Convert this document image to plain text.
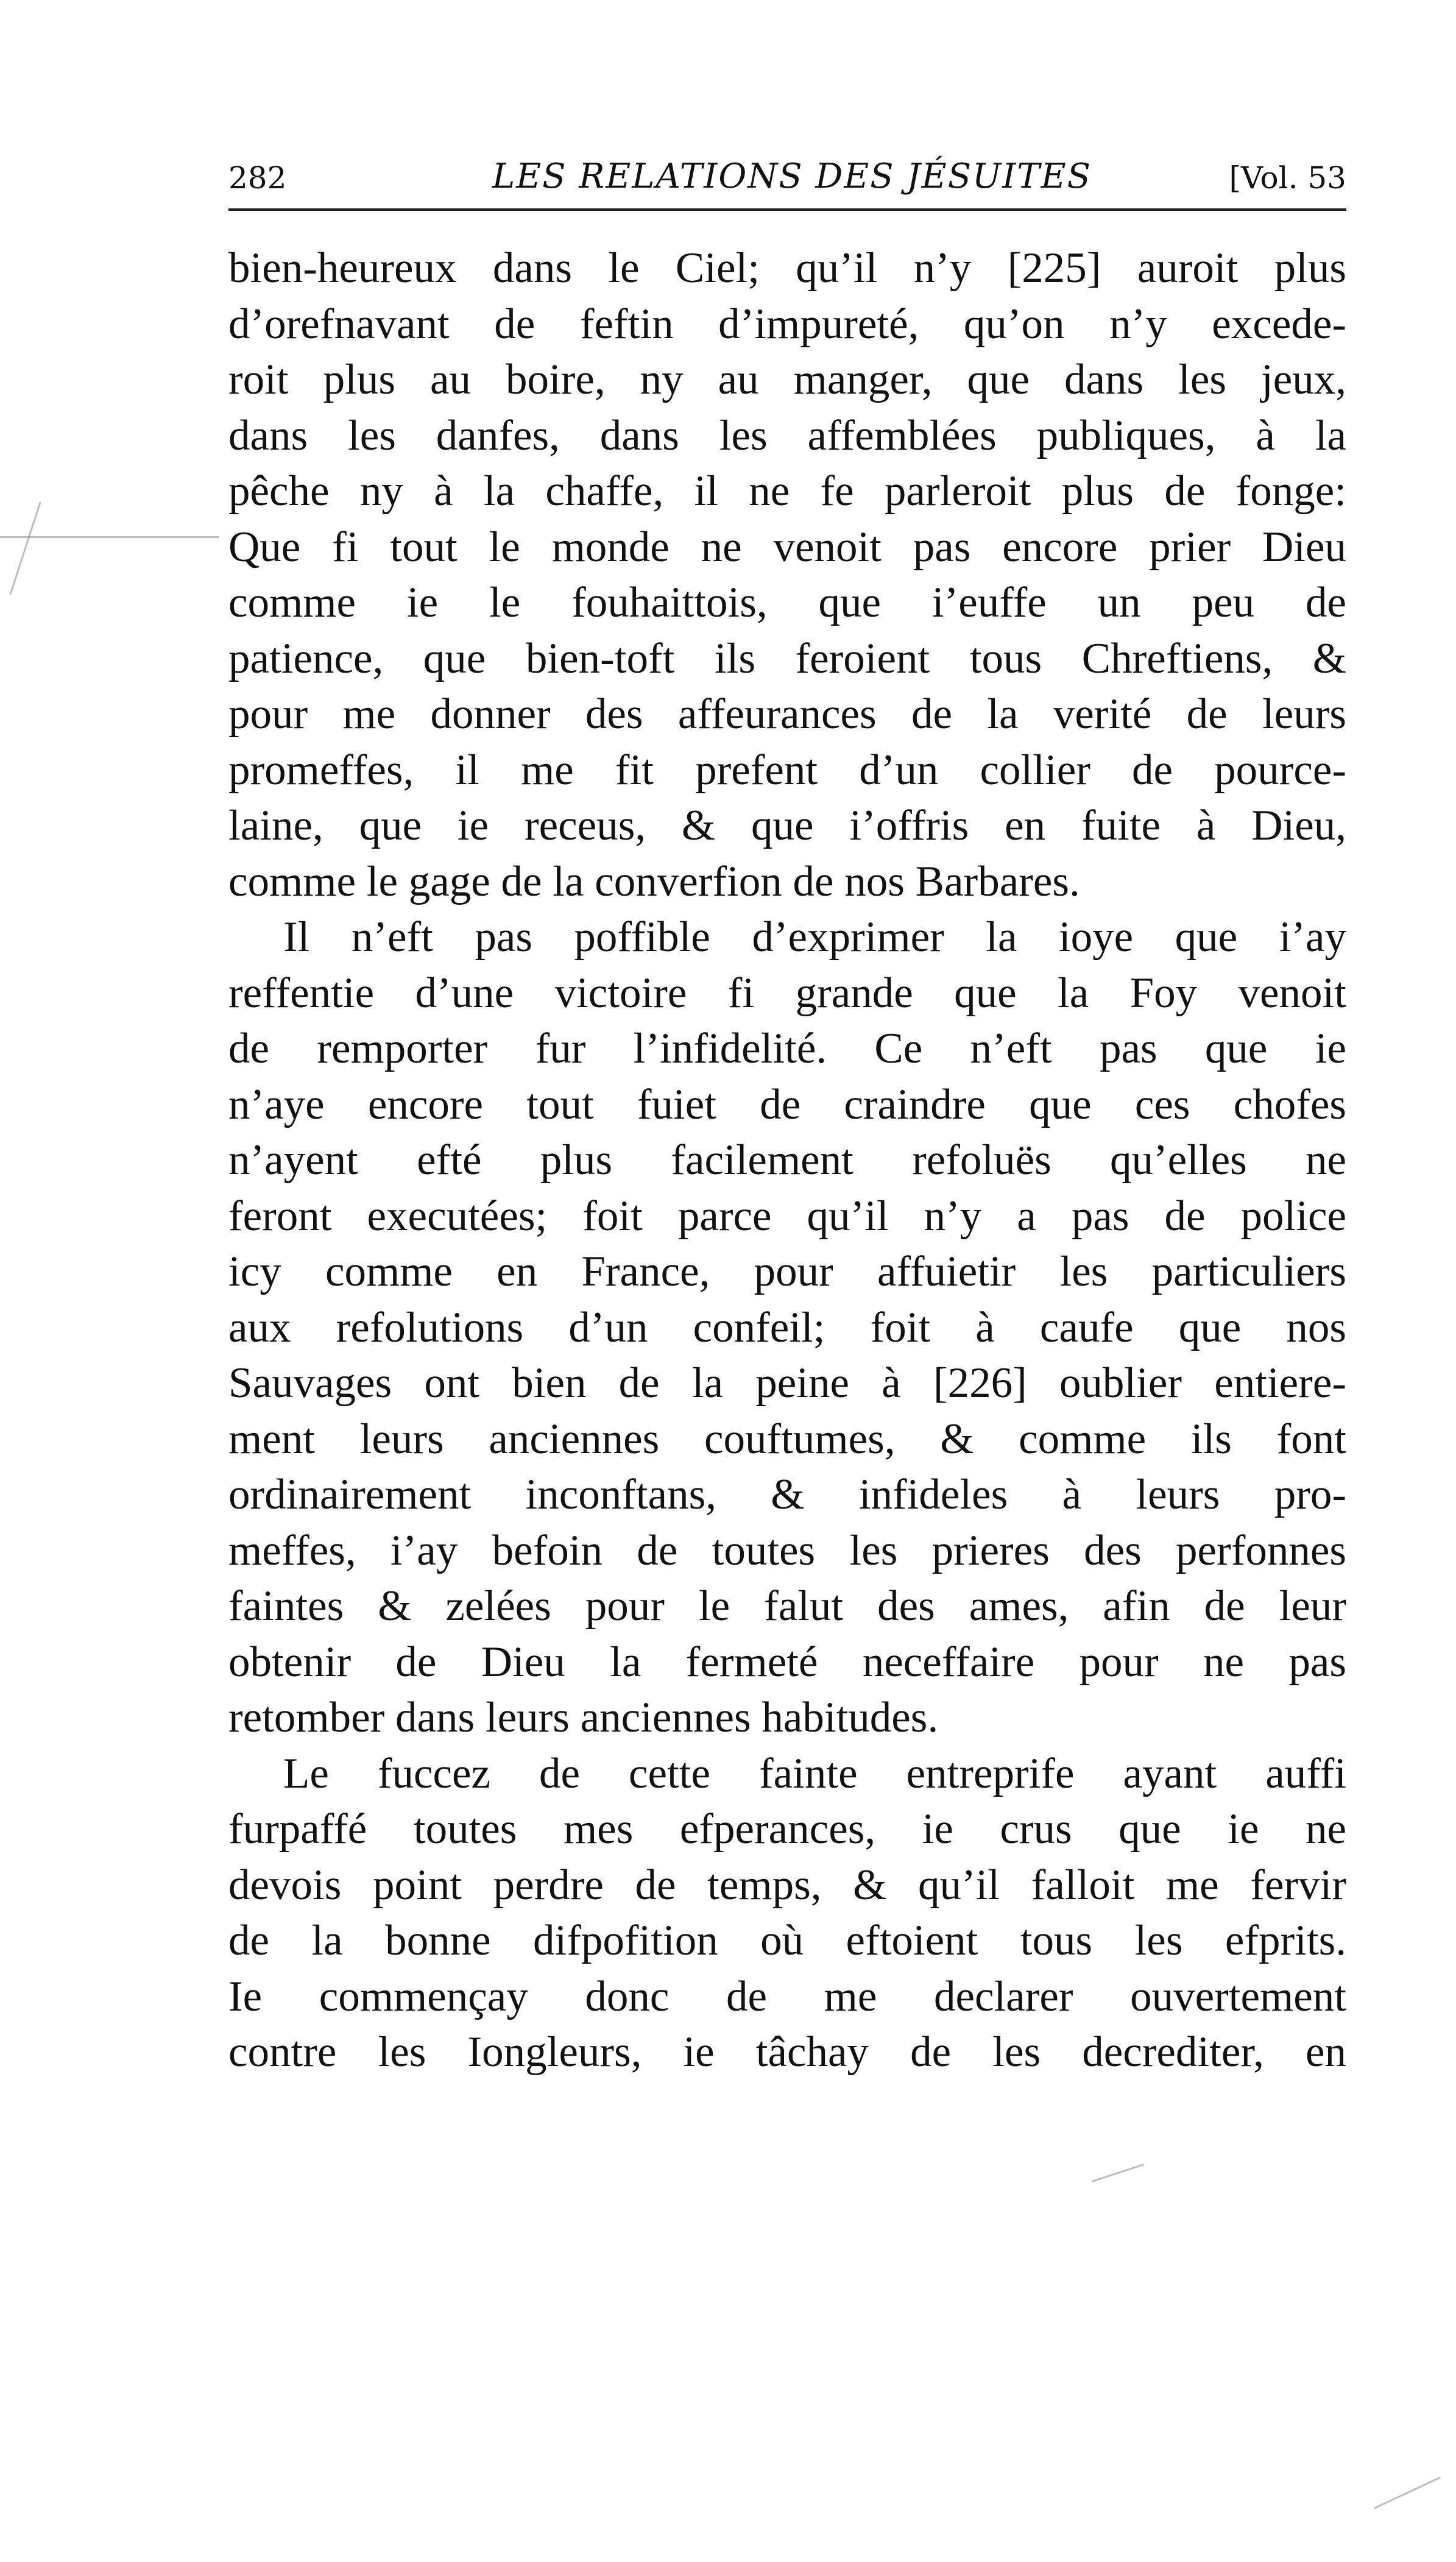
282	LES RELATIONS DES JÉSUITES	[Vol. 53

bien-heureux dans le Ciel; qu’il n’y [225] auroit plus
d’orefnavant de feftin d’impureté, qu’on n’y excede-
roit plus au boire, ny au manger, que dans les jeux,
dans les danfes, dans les affemblées publiques, à la
pêche ny à la chaffe, il ne fe parleroit plus de fonge:
Que fi tout le monde ne venoit pas encore prier Dieu
comme ie le fouhaittois, que i’euffe un peu de
patience, que bien-toft ils feroient tous Chreftiens, &
pour me donner des affeurances de la verité de leurs
promeffes, il me fit prefent d’un collier de pource-
laine, que ie receus, & que i’offris en fuite à Dieu,
comme le gage de la converfion de nos Barbares.

Il n’eft pas poffible d’exprimer la ioye que i’ay
reffentie d’une victoire fi grande que la Foy venoit
de remporter fur l’infidelité. Ce n’eft pas que ie
n’aye encore tout fuiet de craindre que ces chofes
n’ayent efté plus facilement refoluës qu’elles ne
feront executées; foit parce qu’il n’y a pas de police
icy comme en France, pour affuietir les particuliers
aux refolutions d’un confeil; foit à caufe que nos
Sauvages ont bien de la peine à [226] oublier entiere-
ment leurs anciennes couftumes, & comme ils font
ordinairement inconftans, & infideles à leurs pro-
meffes, i’ay befoin de toutes les prieres des perfonnes
faintes & zelées pour le falut des ames, afin de leur
obtenir de Dieu la fermeté neceffaire pour ne pas
retomber dans leurs anciennes habitudes.

Le fuccez de cette fainte entreprife ayant auffi
furpaffé toutes mes efperances, ie crus que ie ne
devois point perdre de temps, & qu’il falloit me fervir
de la bonne difpofition où eftoient tous les efprits.
Ie commençay donc de me declarer ouvertement
contre les Iongleurs, ie tâchay de les decrediter, en
